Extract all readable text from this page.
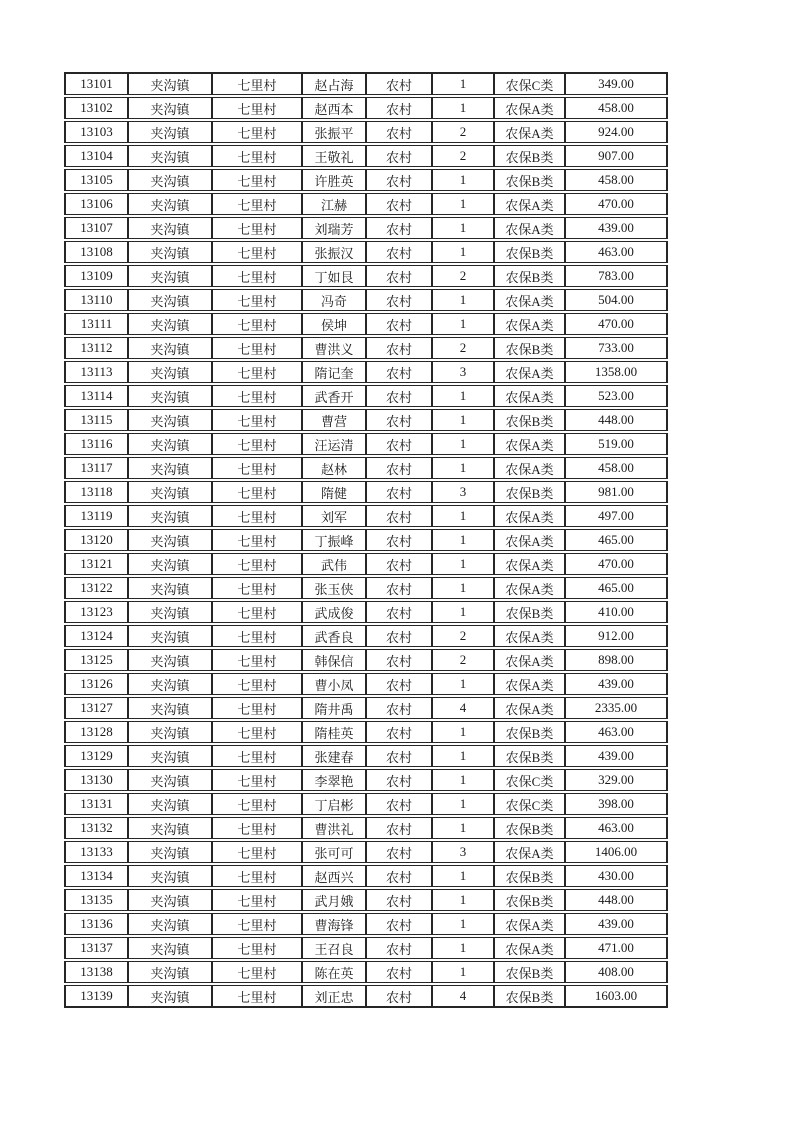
13101	夹沟镇	七里村	赵占海	农村	1	农保C类	349.00
13102	夹沟镇	七里村	赵西本	农村	1	农保A类	458.00
13103	夹沟镇	七里村	张振平	农村	2	农保A类	924.00
13104	夹沟镇	七里村	王敬礼	农村	2	农保B类	907.00
13105	夹沟镇	七里村	许胜英	农村	1	农保B类	458.00
13106	夹沟镇	七里村	江赫	农村	1	农保A类	470.00
13107	夹沟镇	七里村	刘瑞芳	农村	1	农保A类	439.00
13108	夹沟镇	七里村	张振汉	农村	1	农保B类	463.00
13109	夹沟镇	七里村	丁如艮	农村	2	农保B类	783.00
13110	夹沟镇	七里村	冯奇	农村	1	农保A类	504.00
13111	夹沟镇	七里村	侯坤	农村	1	农保A类	470.00
13112	夹沟镇	七里村	曹洪义	农村	2	农保B类	733.00
13113	夹沟镇	七里村	隋记奎	农村	3	农保A类	1358.00
13114	夹沟镇	七里村	武香开	农村	1	农保A类	523.00
13115	夹沟镇	七里村	曹营	农村	1	农保B类	448.00
13116	夹沟镇	七里村	汪运清	农村	1	农保A类	519.00
13117	夹沟镇	七里村	赵林	农村	1	农保A类	458.00
13118	夹沟镇	七里村	隋健	农村	3	农保B类	981.00
13119	夹沟镇	七里村	刘军	农村	1	农保A类	497.00
13120	夹沟镇	七里村	丁振峰	农村	1	农保A类	465.00
13121	夹沟镇	七里村	武伟	农村	1	农保A类	470.00
13122	夹沟镇	七里村	张玉侠	农村	1	农保A类	465.00
13123	夹沟镇	七里村	武成俊	农村	1	农保B类	410.00
13124	夹沟镇	七里村	武香良	农村	2	农保A类	912.00
13125	夹沟镇	七里村	韩保信	农村	2	农保A类	898.00
13126	夹沟镇	七里村	曹小凤	农村	1	农保A类	439.00
13127	夹沟镇	七里村	隋井禹	农村	4	农保A类	2335.00
13128	夹沟镇	七里村	隋桂英	农村	1	农保B类	463.00
13129	夹沟镇	七里村	张建春	农村	1	农保B类	439.00
13130	夹沟镇	七里村	李翠艳	农村	1	农保C类	329.00
13131	夹沟镇	七里村	丁启彬	农村	1	农保C类	398.00
13132	夹沟镇	七里村	曹洪礼	农村	1	农保B类	463.00
13133	夹沟镇	七里村	张可可	农村	3	农保A类	1406.00
13134	夹沟镇	七里村	赵西兴	农村	1	农保B类	430.00
13135	夹沟镇	七里村	武月娥	农村	1	农保B类	448.00
13136	夹沟镇	七里村	曹海锋	农村	1	农保A类	439.00
13137	夹沟镇	七里村	王召良	农村	1	农保A类	471.00
13138	夹沟镇	七里村	陈在英	农村	1	农保B类	408.00
13139	夹沟镇	七里村	刘正忠	农村	4	农保B类	1603.00
